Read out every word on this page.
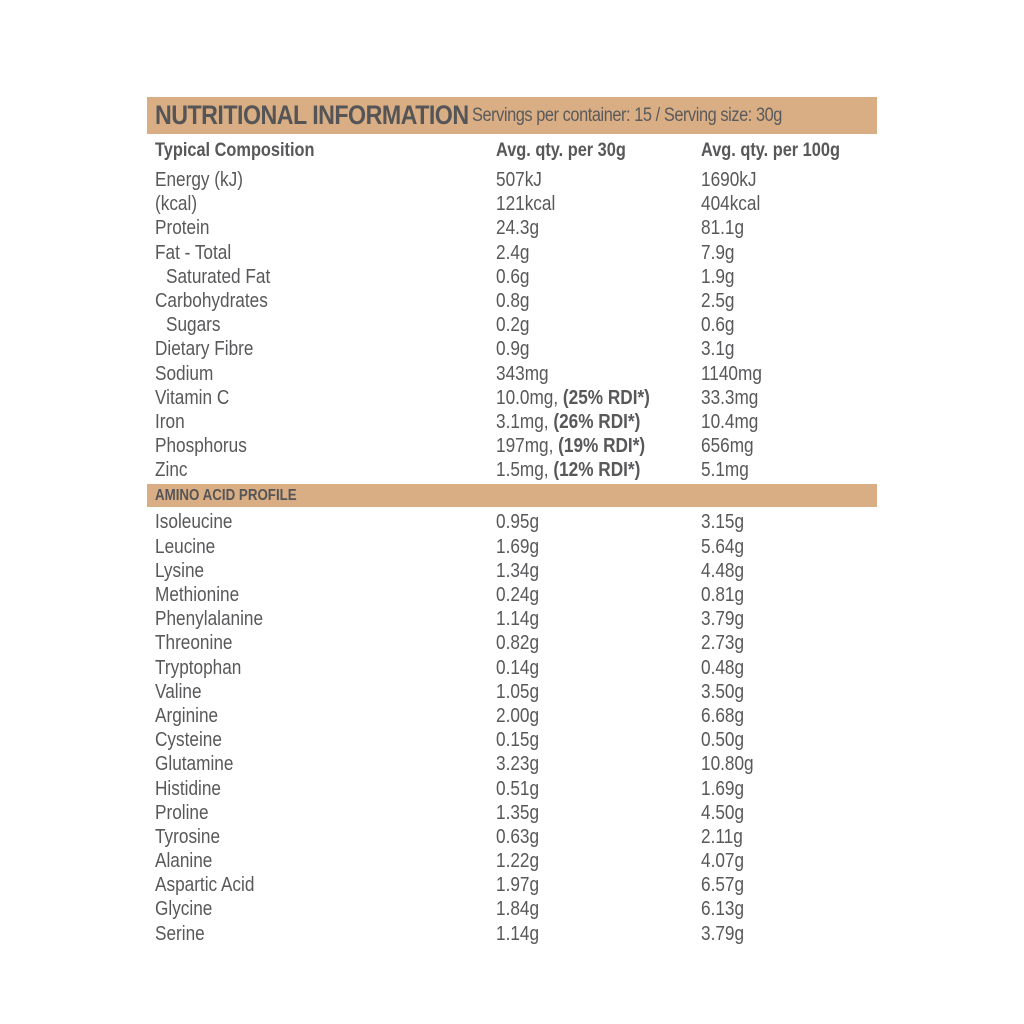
NUTRITIONAL INFORMATION Servings per container: 15 / Serving size: 30g
Typical Composition	Avg. qty. per 30g	Avg. qty. per 100g
Energy (kJ)	507kJ	1690kJ
(kcal)	121kcal	404kcal
Protein	24.3g	81.1g
Fat - Total	2.4g	7.9g
Saturated Fat	0.6g	1.9g
Carbohydrates	0.8g	2.5g
Sugars	0.2g	0.6g
Dietary Fibre	0.9g	3.1g
Sodium	343mg	1140mg
Vitamin C	10.0mg, (25% RDI*)	33.3mg
Iron	3.1mg, (26% RDI*)	10.4mg
Phosphorus	197mg, (19% RDI*)	656mg
Zinc	1.5mg, (12% RDI*)	5.1mg
AMINO ACID PROFILE
Isoleucine	0.95g	3.15g
Leucine	1.69g	5.64g
Lysine	1.34g	4.48g
Methionine	0.24g	0.81g
Phenylalanine	1.14g	3.79g
Threonine	0.82g	2.73g
Tryptophan	0.14g	0.48g
Valine	1.05g	3.50g
Arginine	2.00g	6.68g
Cysteine	0.15g	0.50g
Glutamine	3.23g	10.80g
Histidine	0.51g	1.69g
Proline	1.35g	4.50g
Tyrosine	0.63g	2.11g
Alanine	1.22g	4.07g
Aspartic Acid	1.97g	6.57g
Glycine	1.84g	6.13g
Serine	1.14g	3.79g
